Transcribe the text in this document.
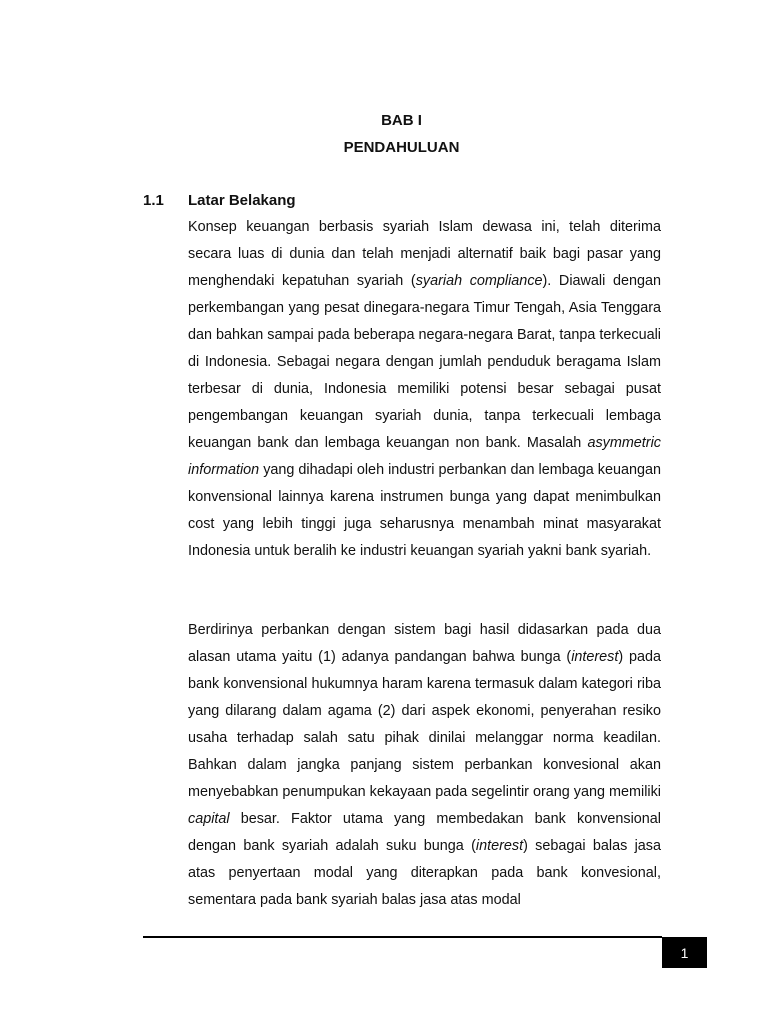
BAB I
PENDAHULUAN
1.1	Latar Belakang

Konsep keuangan berbasis syariah Islam dewasa ini, telah diterima secara luas di dunia dan telah menjadi alternatif baik bagi pasar yang menghendaki kepatuhan syariah (syariah compliance). Diawali dengan perkembangan yang pesat dinegara-negara Timur Tengah, Asia Tenggara dan bahkan sampai pada beberapa negara-negara Barat, tanpa terkecuali di Indonesia. Sebagai negara dengan jumlah penduduk beragama Islam terbesar di dunia, Indonesia memiliki potensi besar sebagai pusat pengembangan keuangan syariah dunia, tanpa terkecuali lembaga keuangan bank dan lembaga keuangan non bank. Masalah asymmetric information yang dihadapi oleh industri perbankan dan lembaga keuangan konvensional lainnya karena instrumen bunga yang dapat menimbulkan cost yang lebih tinggi juga seharusnya menambah minat masyarakat Indonesia untuk beralih ke industri keuangan syariah yakni bank syariah.

Berdirinya perbankan dengan sistem bagi hasil didasarkan pada dua alasan utama yaitu (1) adanya pandangan bahwa bunga (interest) pada bank konvensional hukumnya haram karena termasuk dalam kategori riba yang dilarang dalam agama (2) dari aspek ekonomi, penyerahan resiko usaha terhadap salah satu pihak dinilai melanggar norma keadilan. Bahkan dalam jangka panjang sistem perbankan konvesional akan menyebabkan penumpukan kekayaan pada segelintir orang yang memiliki capital besar. Faktor utama yang membedakan bank konvensional dengan bank syariah adalah suku bunga (interest) sebagai balas jasa atas penyertaan modal yang diterapkan pada bank konvesional, sementara pada bank syariah balas jasa atas modal

1
